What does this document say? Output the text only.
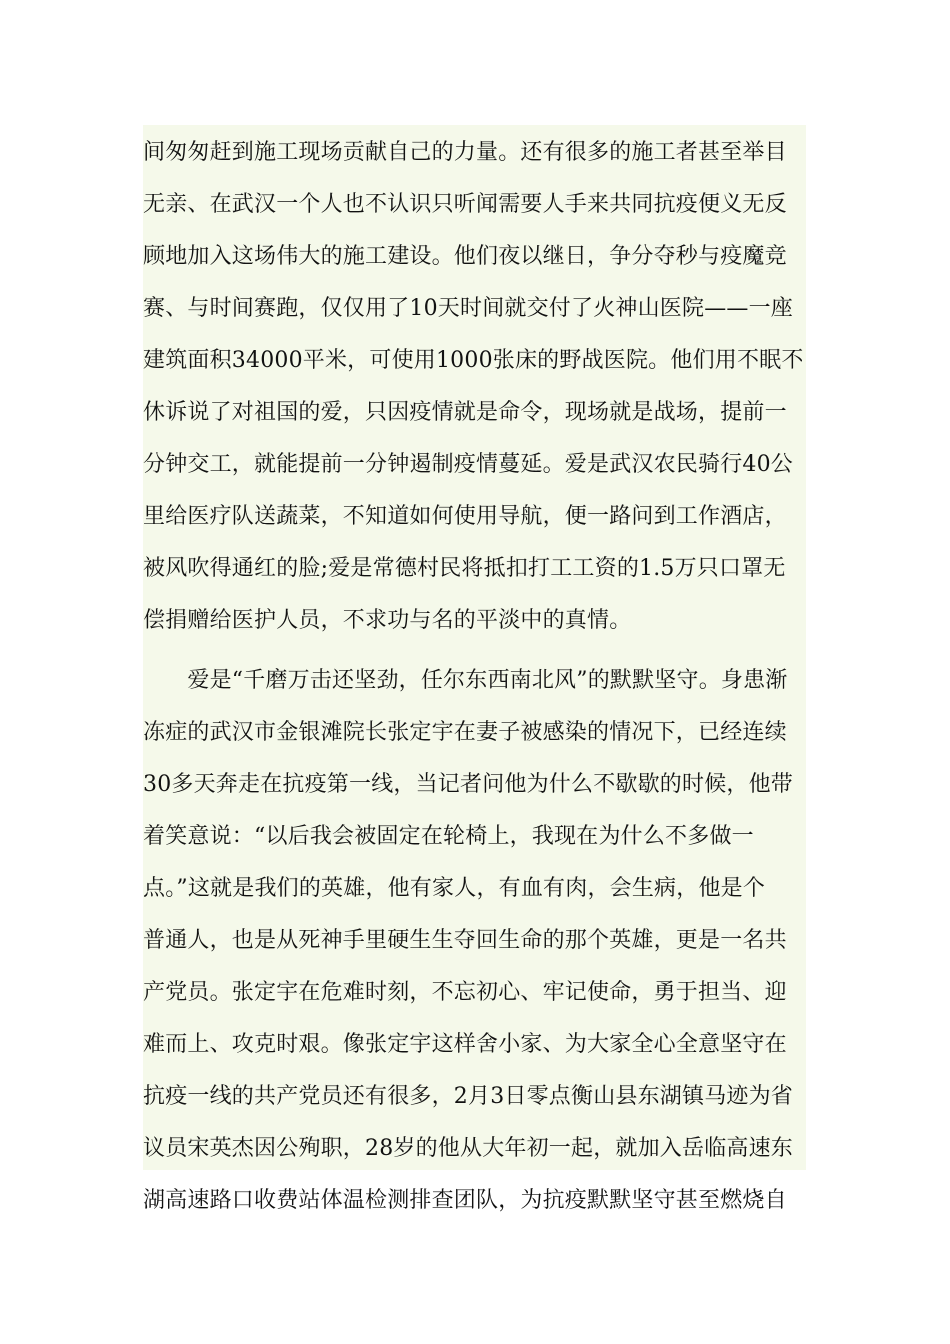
间匆匆赶到施工现场贡献自己的力量。还有很多的施工者甚至举目
无亲、在武汉一个人也不认识只听闻需要人手来共同抗疫便义无反
顾地加入这场伟大的施工建设。他们夜以继日，争分夺秒与疫魔竞
赛、与时间赛跑，仅仅用了10天时间就交付了火神山医院——一座
建筑面积34000平米，可使用1000张床的野战医院。他们用不眠不
休诉说了对祖国的爱，只因疫情就是命令，现场就是战场，提前一
分钟交工，就能提前一分钟遏制疫情蔓延。爱是武汉农民骑行40公
里给医疗队送蔬菜，不知道如何使用导航，便一路问到工作酒店，
被风吹得通红的脸;爱是常德村民将抵扣打工工资的1.5万只口罩无
偿捐赠给医护人员，不求功与名的平淡中的真情。
　　爱是“千磨万击还坚劲，任尔东西南北风”的默默坚守。身患渐
冻症的武汉市金银滩院长张定宇在妻子被感染的情况下，已经连续
30多天奔走在抗疫第一线，当记者问他为什么不歇歇的时候，他带
着笑意说：“以后我会被固定在轮椅上，我现在为什么不多做一
点。”这就是我们的英雄，他有家人，有血有肉，会生病，他是个
普通人，也是从死神手里硬生生夺回生命的那个英雄，更是一名共
产党员。张定宇在危难时刻，不忘初心、牢记使命，勇于担当、迎
难而上、攻克时艰。像张定宇这样舍小家、为大家全心全意坚守在
抗疫一线的共产党员还有很多，2月3日零点衡山县东湖镇马迹为省
议员宋英杰因公殉职，28岁的他从大年初一起，就加入岳临高速东
湖高速路口收费站体温检测排查团队，为抗疫默默坚守甚至燃烧自
